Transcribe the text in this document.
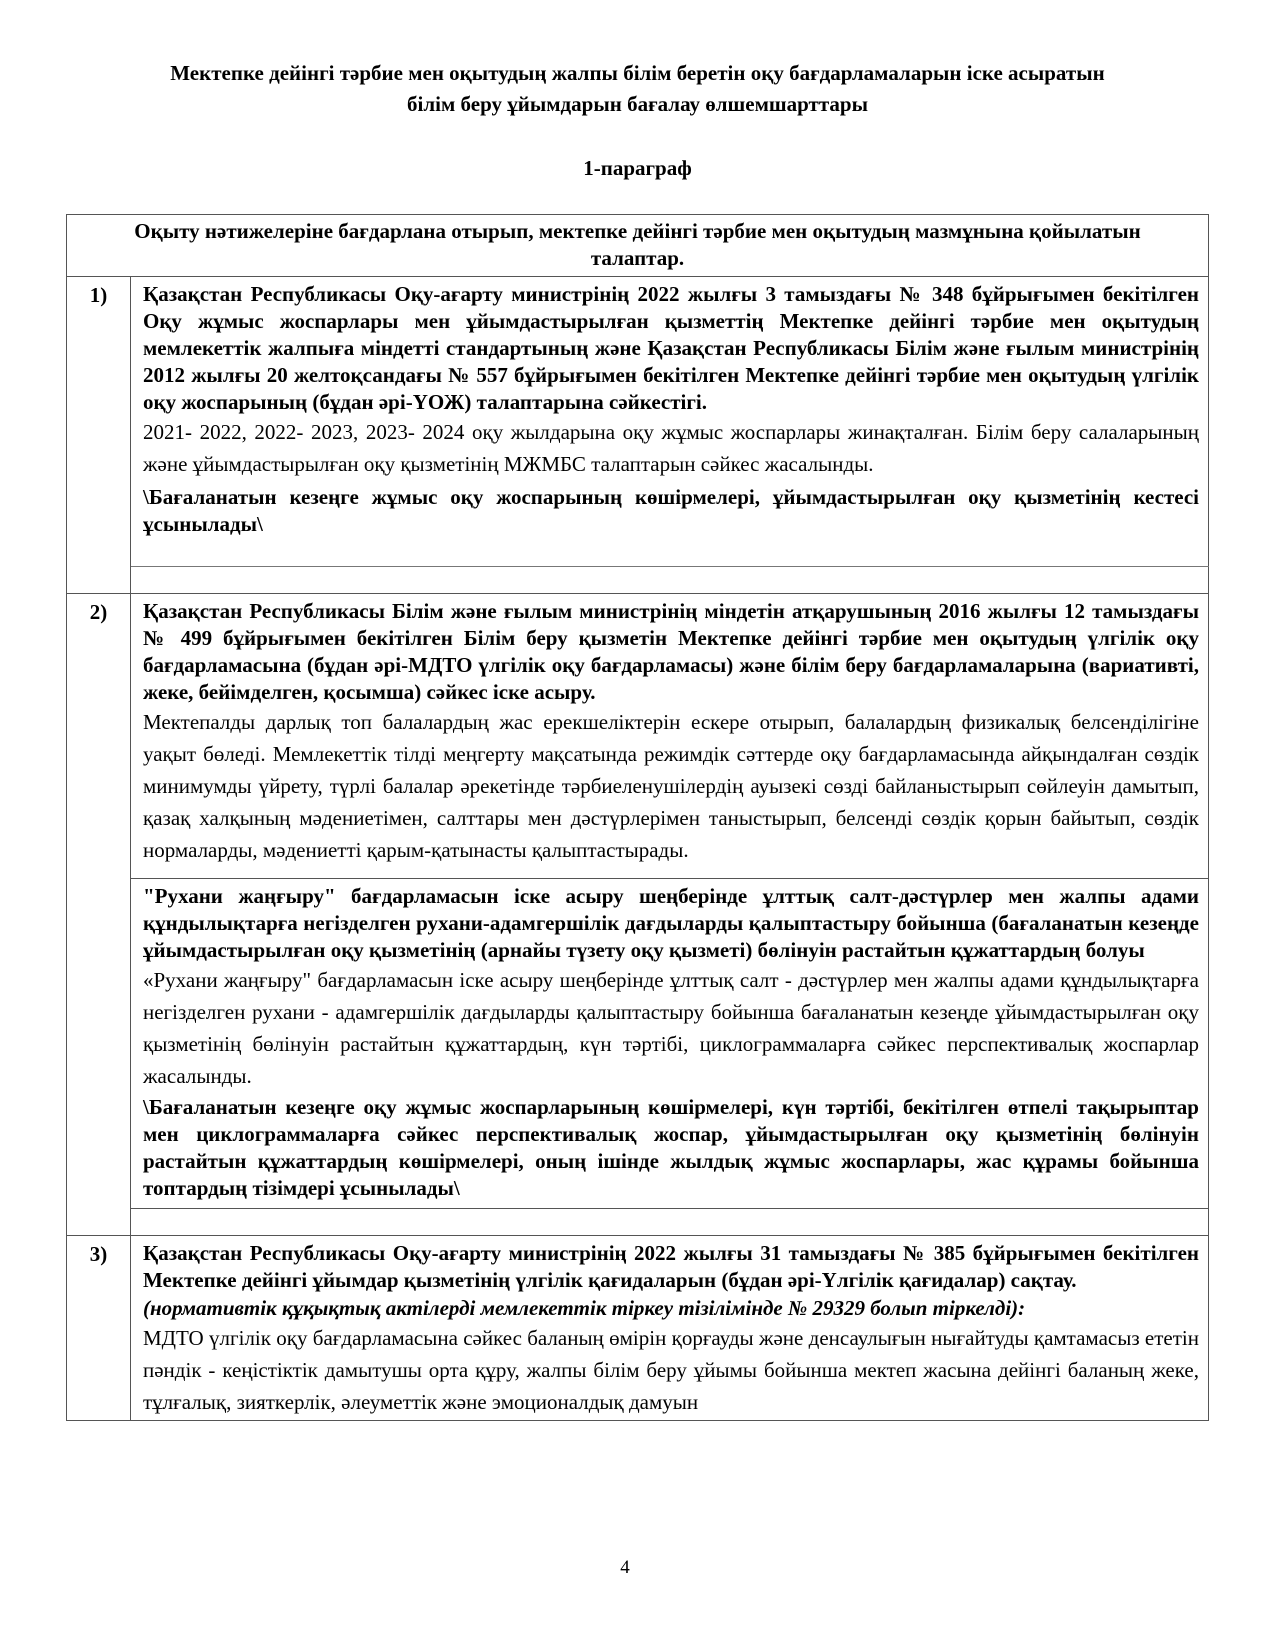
Мектепке дейінгі тәрбие мен оқытудың жалпы білім беретін оқу бағдарламаларын іске асыратын
білім беру ұйымдарын бағалау өлшемшарттары
1-параграф
Оқыту нәтижелеріне бағдарлана отырып, мектепке дейінгі тәрбие мен оқытудың мазмұнына қойылатын талаптар.	
1)	Қазақстан Республикасы Оқу-ағарту министрінің 2022 жылғы 3 тамыздағы № 348 бұйрығымен бекітілген Оқу жұмыс жоспарлары мен ұйымдастырылған қызметтің Мектепке дейінгі тәрбие мен оқытудың мемлекеттік жалпыға міндетті стандартының және Қазақстан Республикасы Білім және ғылым министрінің 2012 жылғы 20 желтоқсандағы № 557 бұйрығымен бекітілген Мектепке дейінгі тәрбие мен оқытудың үлгілік оқу жоспарының (бұдан әрі-ҮОЖ) талаптарына сәйкестігі.

2021- 2022, 2022- 2023, 2023- 2024 оқу жылдарына оқу жұмыс жоспарлары жинақталған. Білім беру салаларының және ұйымдастырылған оқу қызметінің МЖМБС талаптарын сәйкес жасалынды.

\Бағаланатын кезеңге жұмыс оқу жоспарының көшірмелері, ұйымдастырылған оқу қызметінің кестесі ұсынылады\

2)	Қазақстан Республикасы Білім және ғылым министрінің міндетін атқарушының 2016 жылғы 12 тамыздағы № 499 бұйрығымен бекітілген Білім беру қызметін Мектепке дейінгі тәрбие мен оқытудың үлгілік оқу бағдарламасына (бұдан әрі-МДТО үлгілік оқу бағдарламасы) және білім беру бағдарламаларына (вариативті, жеке, бейімделген, қосымша) сәйкес іске асыру.

Мектепалды дарлық топ балалардың жас ерекшеліктерін ескере отырып, балалардың физикалық белсенділігіне уақыт бөледі. Мемлекеттік тілді меңгерту мақсатында режимдік сәттерде оқу бағдарламасында айқындалған сөздік минимумды үйрету, түрлі балалар әрекетінде тәрбиеленушілердің ауызекі сөзді байланыстырып сөйлеуін дамытып, қазақ халқының мәдениетімен, салттары мен дәстүрлерімен таныстырып, белсенді сөздік қорын байытып, сөздік нормаларды, мәдениетті қарым-қатынасты қалыптастырады.

	"Рухани жаңғыру" бағдарламасын іске асыру шеңберінде ұлттық салт-дәстүрлер мен жалпы адами құндылықтарға негізделген рухани-адамгершілік дағдыларды қалыптастыру бойынша (бағаланатын кезеңде ұйымдастырылған оқу қызметінің (арнайы түзету оқу қызметі) бөлінуін растайтын құжаттардың болуы

«Рухани жаңғыру" бағдарламасын іске асыру шеңберінде ұлттық салт - дәстүрлер мен жалпы адами құндылықтарға негізделген рухани - адамгершілік дағдыларды қалыптастыру бойынша бағаланатын кезеңде ұйымдастырылған оқу қызметінің бөлінуін растайтын құжаттардың, күн тәртібі, циклограммаларға сәйкес перспективалық жоспарлар жасалынды.

\Бағаланатын кезеңге оқу жұмыс жоспарларының көшірмелері, күн тәртібі, бекітілген өтпелі тақырыптар мен циклограммаларға сәйкес перспективалық жоспар, ұйымдастырылған оқу қызметінің бөлінуін растайтын құжаттардың көшірмелері, оның ішінде жылдық жұмыс жоспарлары, жас құрамы бойынша топтардың тізімдері ұсынылады\

3)	Қазақстан Республикасы Оқу-ағарту министрінің 2022 жылғы 31 тамыздағы № 385 бұйрығымен бекітілген Мектепке дейінгі ұйымдар қызметінің үлгілік қағидаларын (бұдан әрі-Үлгілік қағидалар) сақтау.

(нормативтік құқықтық актілерді мемлекеттік тіркеу тізілімінде № 29329 болып тіркелді):

МДТО үлгілік оқу бағдарламасына сәйкес баланың өмірін қорғауды және денсаулығын нығайтуды қамтамасыз ететін пәндік - кеңістіктік дамытушы орта құру, жалпы білім беру ұйымы бойынша мектеп жасына дейінгі баланың жеке, тұлғалық, зияткерлік, әлеуметтік және эмоционалдық дамуын

4
